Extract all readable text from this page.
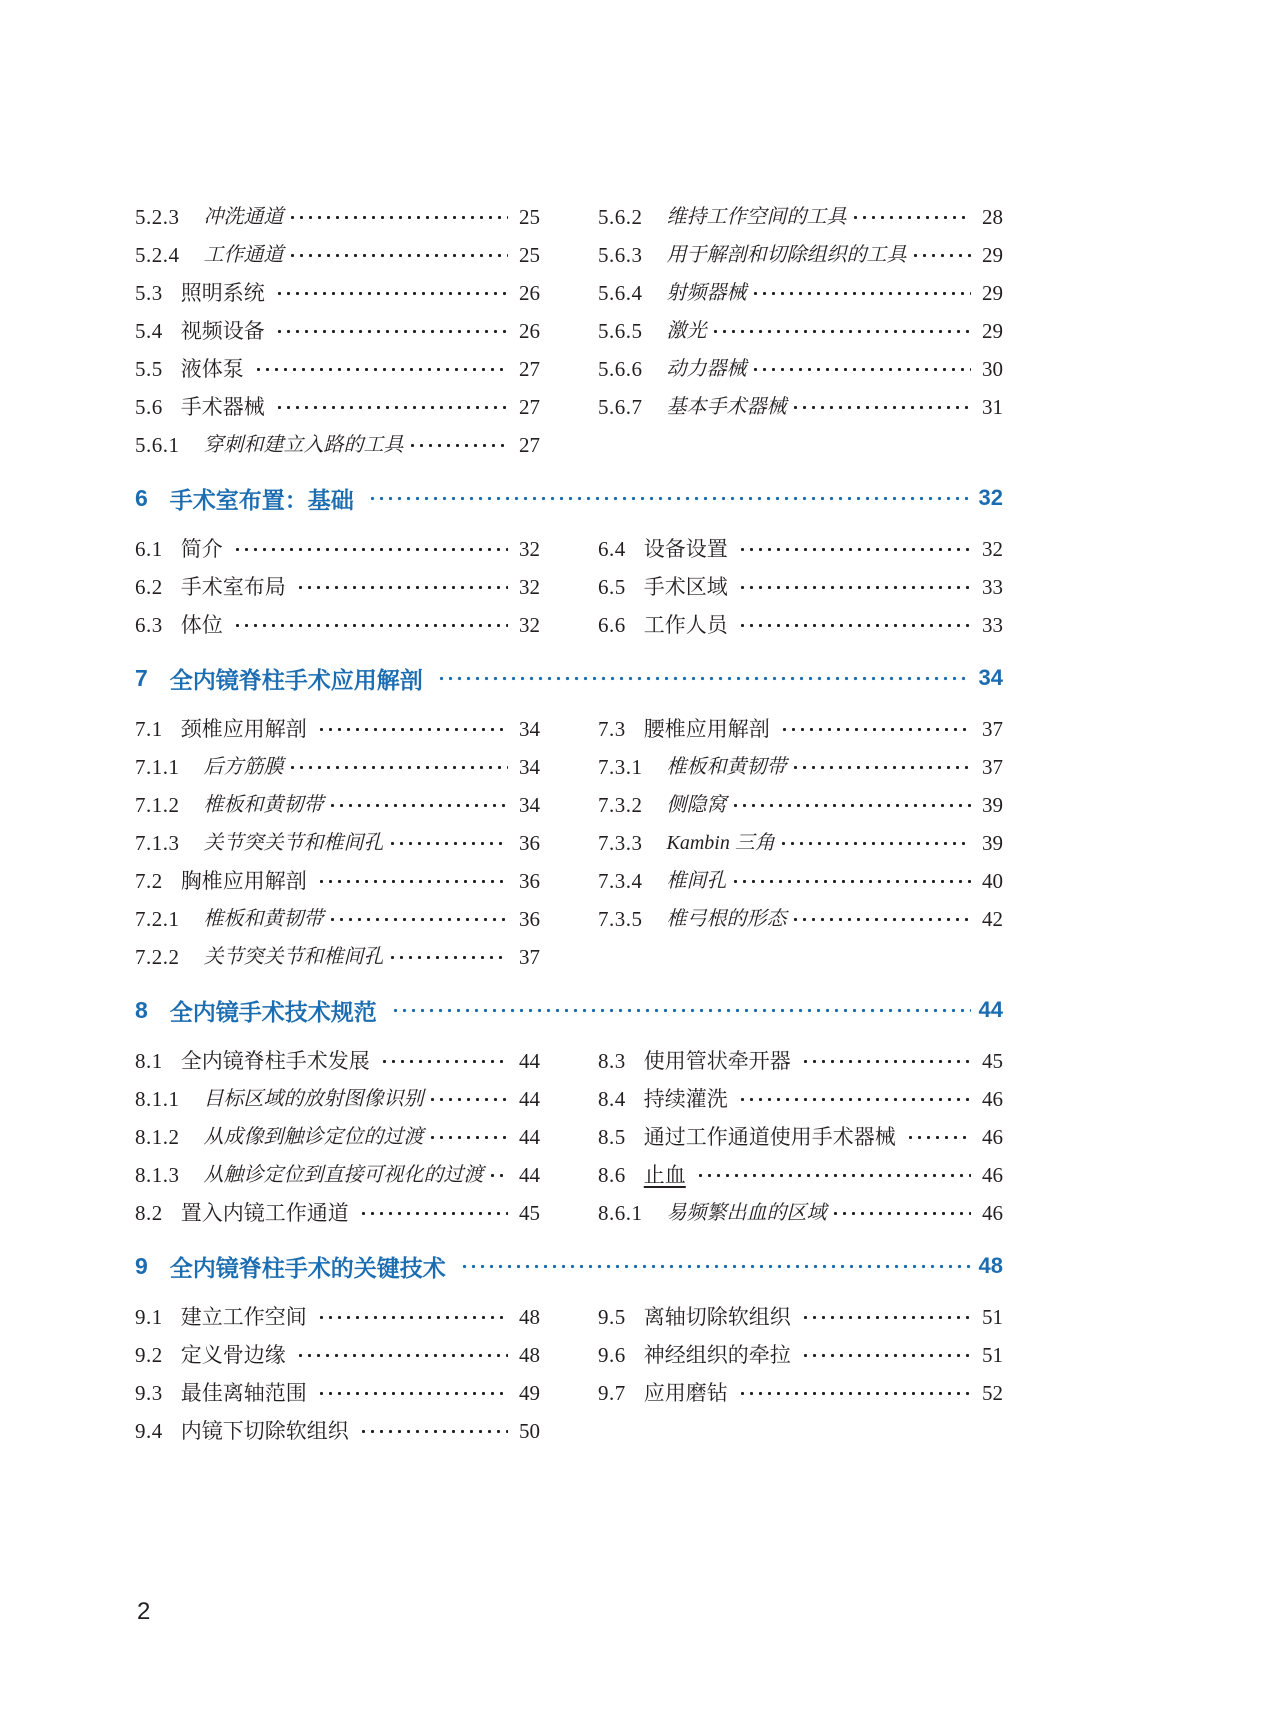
5.2.3 冲洗通道	25
5.2.4 工作通道	25
5.3 照明系统	26
5.4 视频设备	26
5.5 液体泵	27
5.6 手术器械	27
5.6.1 穿刺和建立入路的工具	27
5.6.2 维持工作空间的工具	28
5.6.3 用于解剖和切除组织的工具	29
5.6.4 射频器械	29
5.6.5 激光	29
5.6.6 动力器械	30
5.6.7 基本手术器械	31
6 手术室布置：基础	32
6.1 简介	32
6.2 手术室布局	32
6.3 体位	32
6.4 设备设置	32
6.5 手术区域	33
6.6 工作人员	33
7 全内镜脊柱手术应用解剖	34
7.1 颈椎应用解剖	34
7.1.1 后方筋膜	34
7.1.2 椎板和黄韧带	34
7.1.3 关节突关节和椎间孔	36
7.2 胸椎应用解剖	36
7.2.1 椎板和黄韧带	36
7.2.2 关节突关节和椎间孔	37
7.3 腰椎应用解剖	37
7.3.1 椎板和黄韧带	37
7.3.2 侧隐窝	39
7.3.3 Kambin 三角	39
7.3.4 椎间孔	40
7.3.5 椎弓根的形态	42
8 全内镜手术技术规范	44
8.1 全内镜脊柱手术发展	44
8.1.1 目标区域的放射图像识别	44
8.1.2 从成像到触诊定位的过渡	44
8.1.3 从触诊定位到直接可视化的过渡 44
8.2 置入内镜工作通道	45
8.3 使用管状牵开器	45
8.4 持续灌洗	46
8.5 通过工作通道使用手术器械	46
8.6 止血	46
8.6.1 易频繁出血的区域	46
9 全内镜脊柱手术的关键技术	48
9.1 建立工作空间	48
9.2 定义骨边缘	48
9.3 最佳离轴范围	49
9.4 内镜下切除软组织	50
9.5 离轴切除软组织	51
9.6 神经组织的牵拉	51
9.7 应用磨钻	52
2
